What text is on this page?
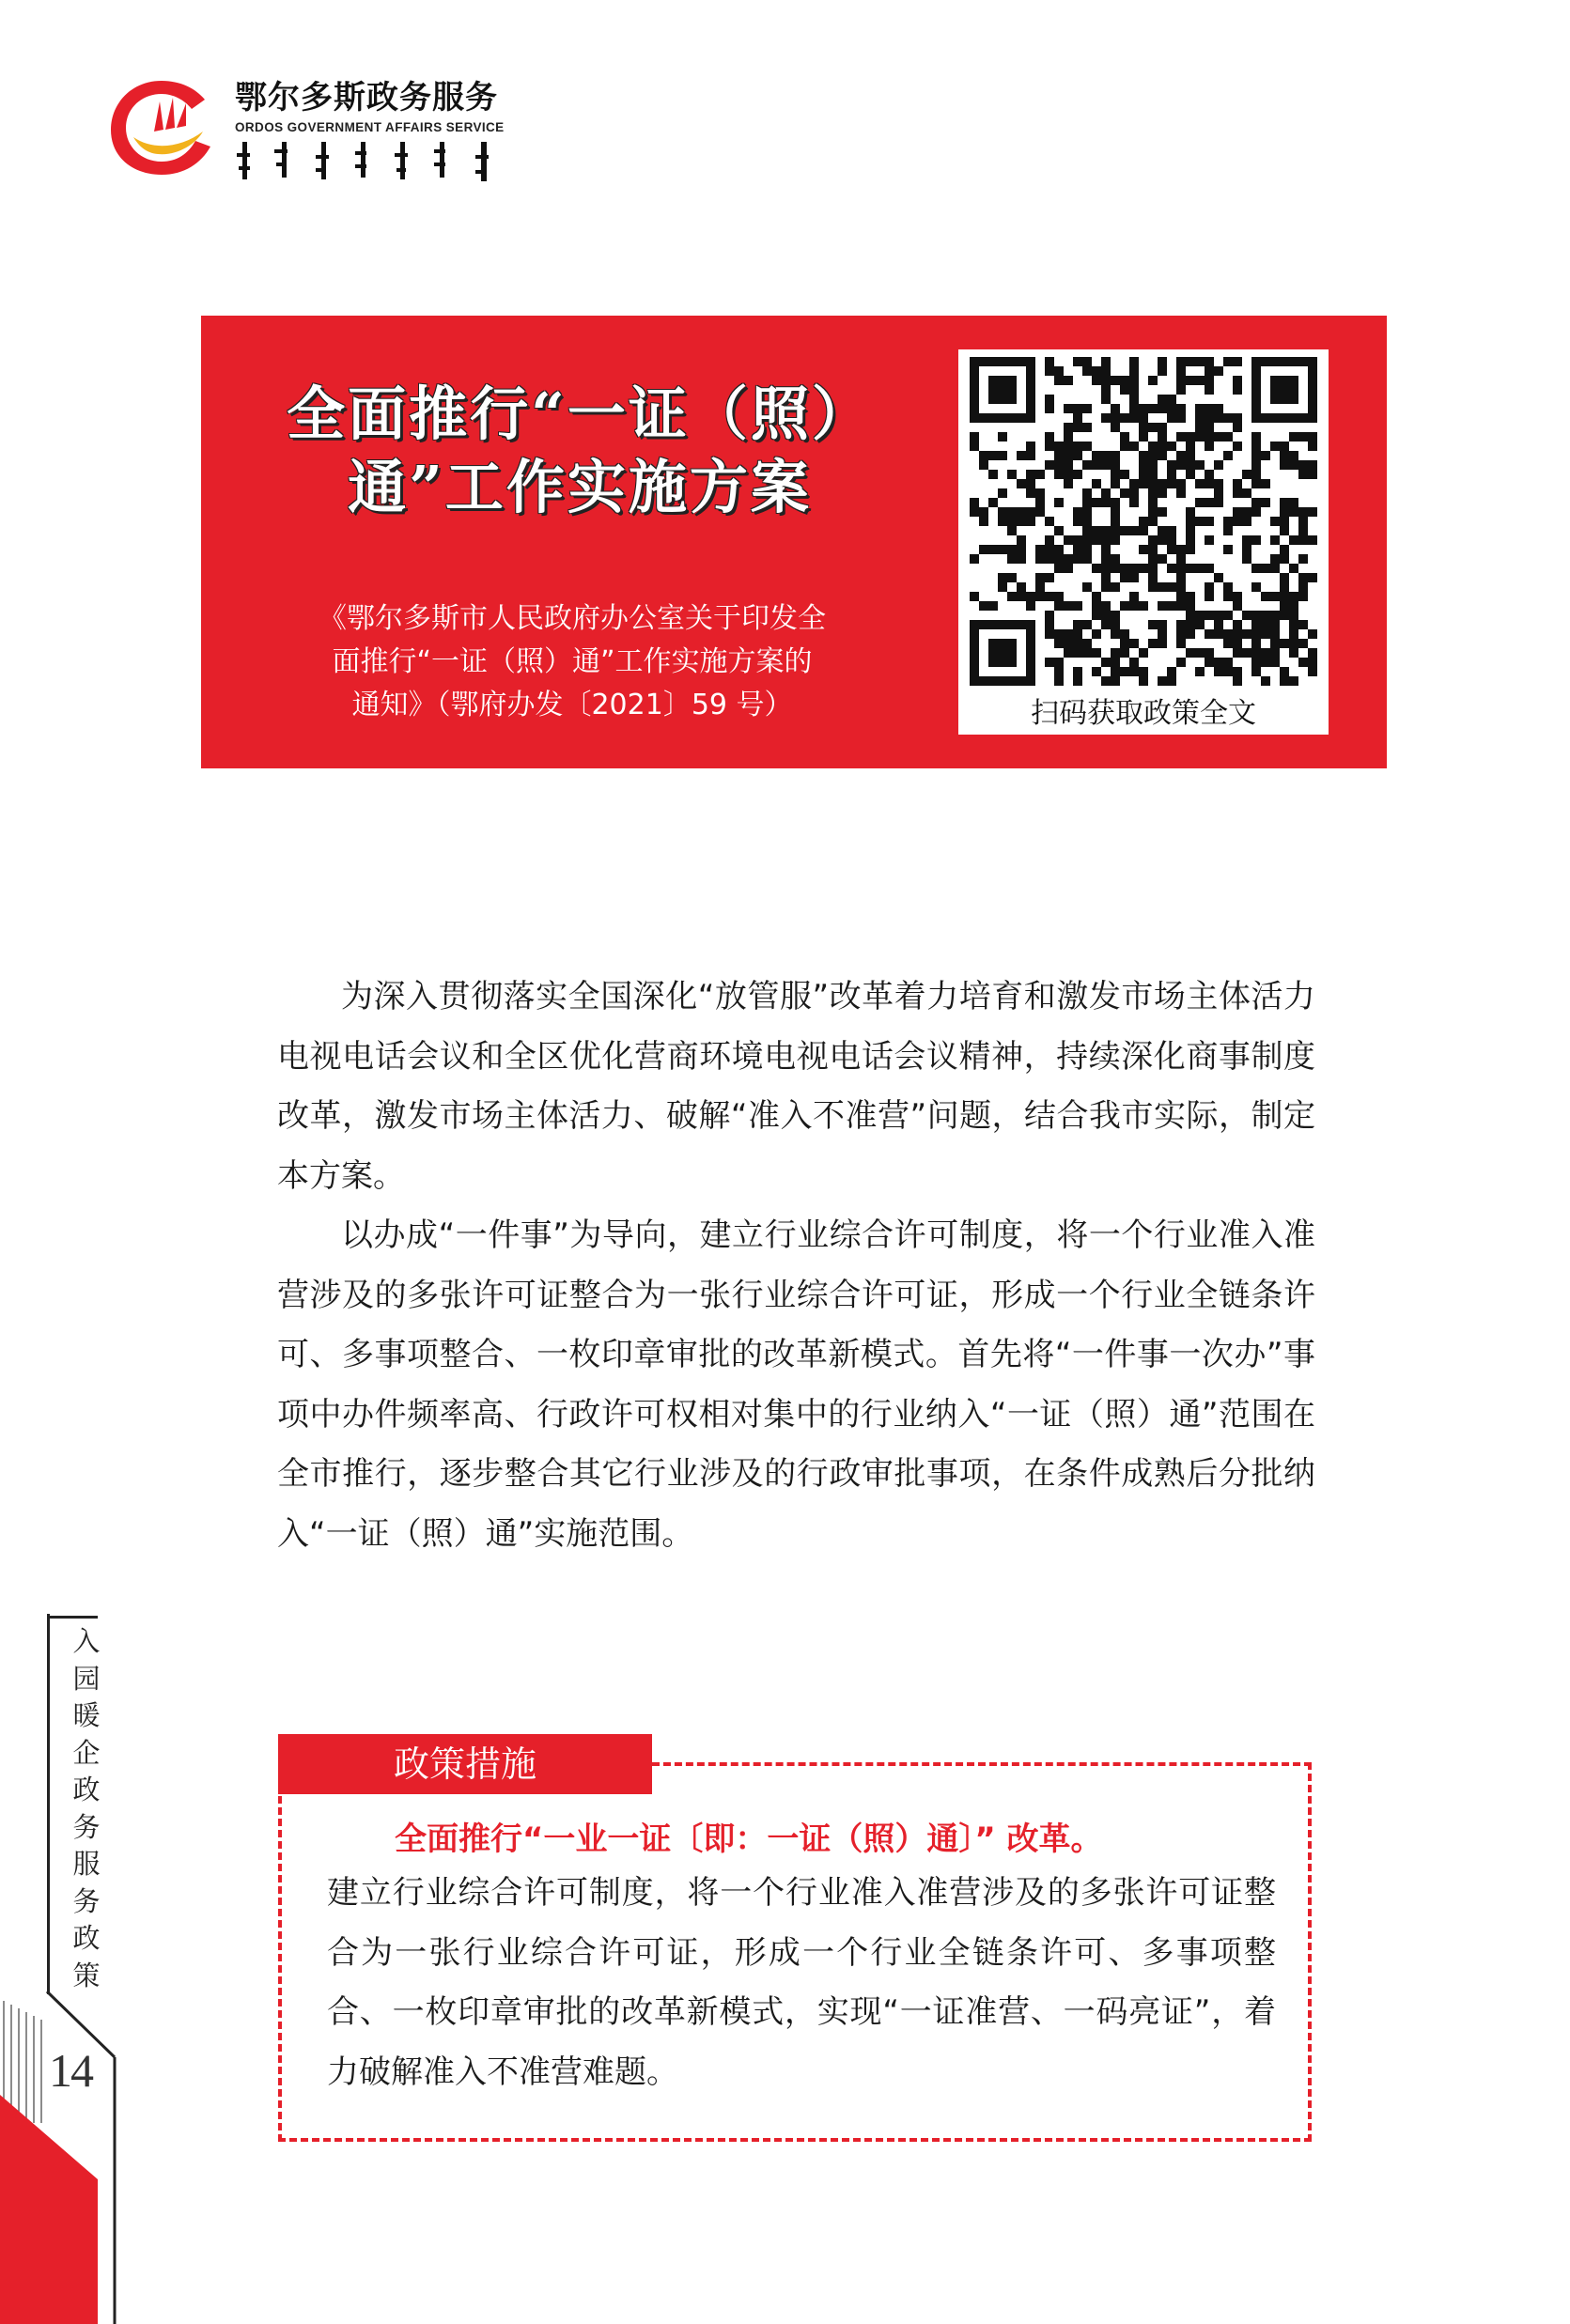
鄂尔多斯政务服务
ORDOS GOVERNMENT AFFAIRS SERVICE
全面推行“一证（照）
通”工作实施方案
《鄂尔多斯市人民政府办公室关于印发全
面推行“一证（照）通”工作实施方案的
通知》（鄂府办发〔2021〕59 号）	扫码获取政策全文

为深入贯彻落实全国深化“放管服”改革着力培育和激发市场主体活力电视电话会议和全区优化营商环境电视电话会议精神，持续深化商事制度改革，激发市场主体活力、破解“准入不准营”问题，结合我市实际，制定本方案。

以办成“一件事”为导向，建立行业综合许可制度，将一个行业准入准营涉及的多张许可证整合为一张行业综合许可证，形成一个行业全链条许可、多事项整合、一枚印章审批的改革新模式。首先将“一件事一次办”事项中办件频率高、行政许可权相对集中的行业纳入“一证（照）通”范围在全市推行，逐步整合其它行业涉及的行政审批事项，在条件成熟后分批纳入“一证（照）通”实施范围。

入园暖企政务服务政策
14
全面推行“一业一证〔即：一证（照）通〕” 改革。
建立行业综合许可制度，将一个行业准入准营涉及的多张许可证整合为一张行业综合许可证，形成一个行业全链条许可、多事项整合、一枚印章审批的改革新模式，实现“一证准营、一码亮证”，着力破解准入不准营难题。
政策措施
